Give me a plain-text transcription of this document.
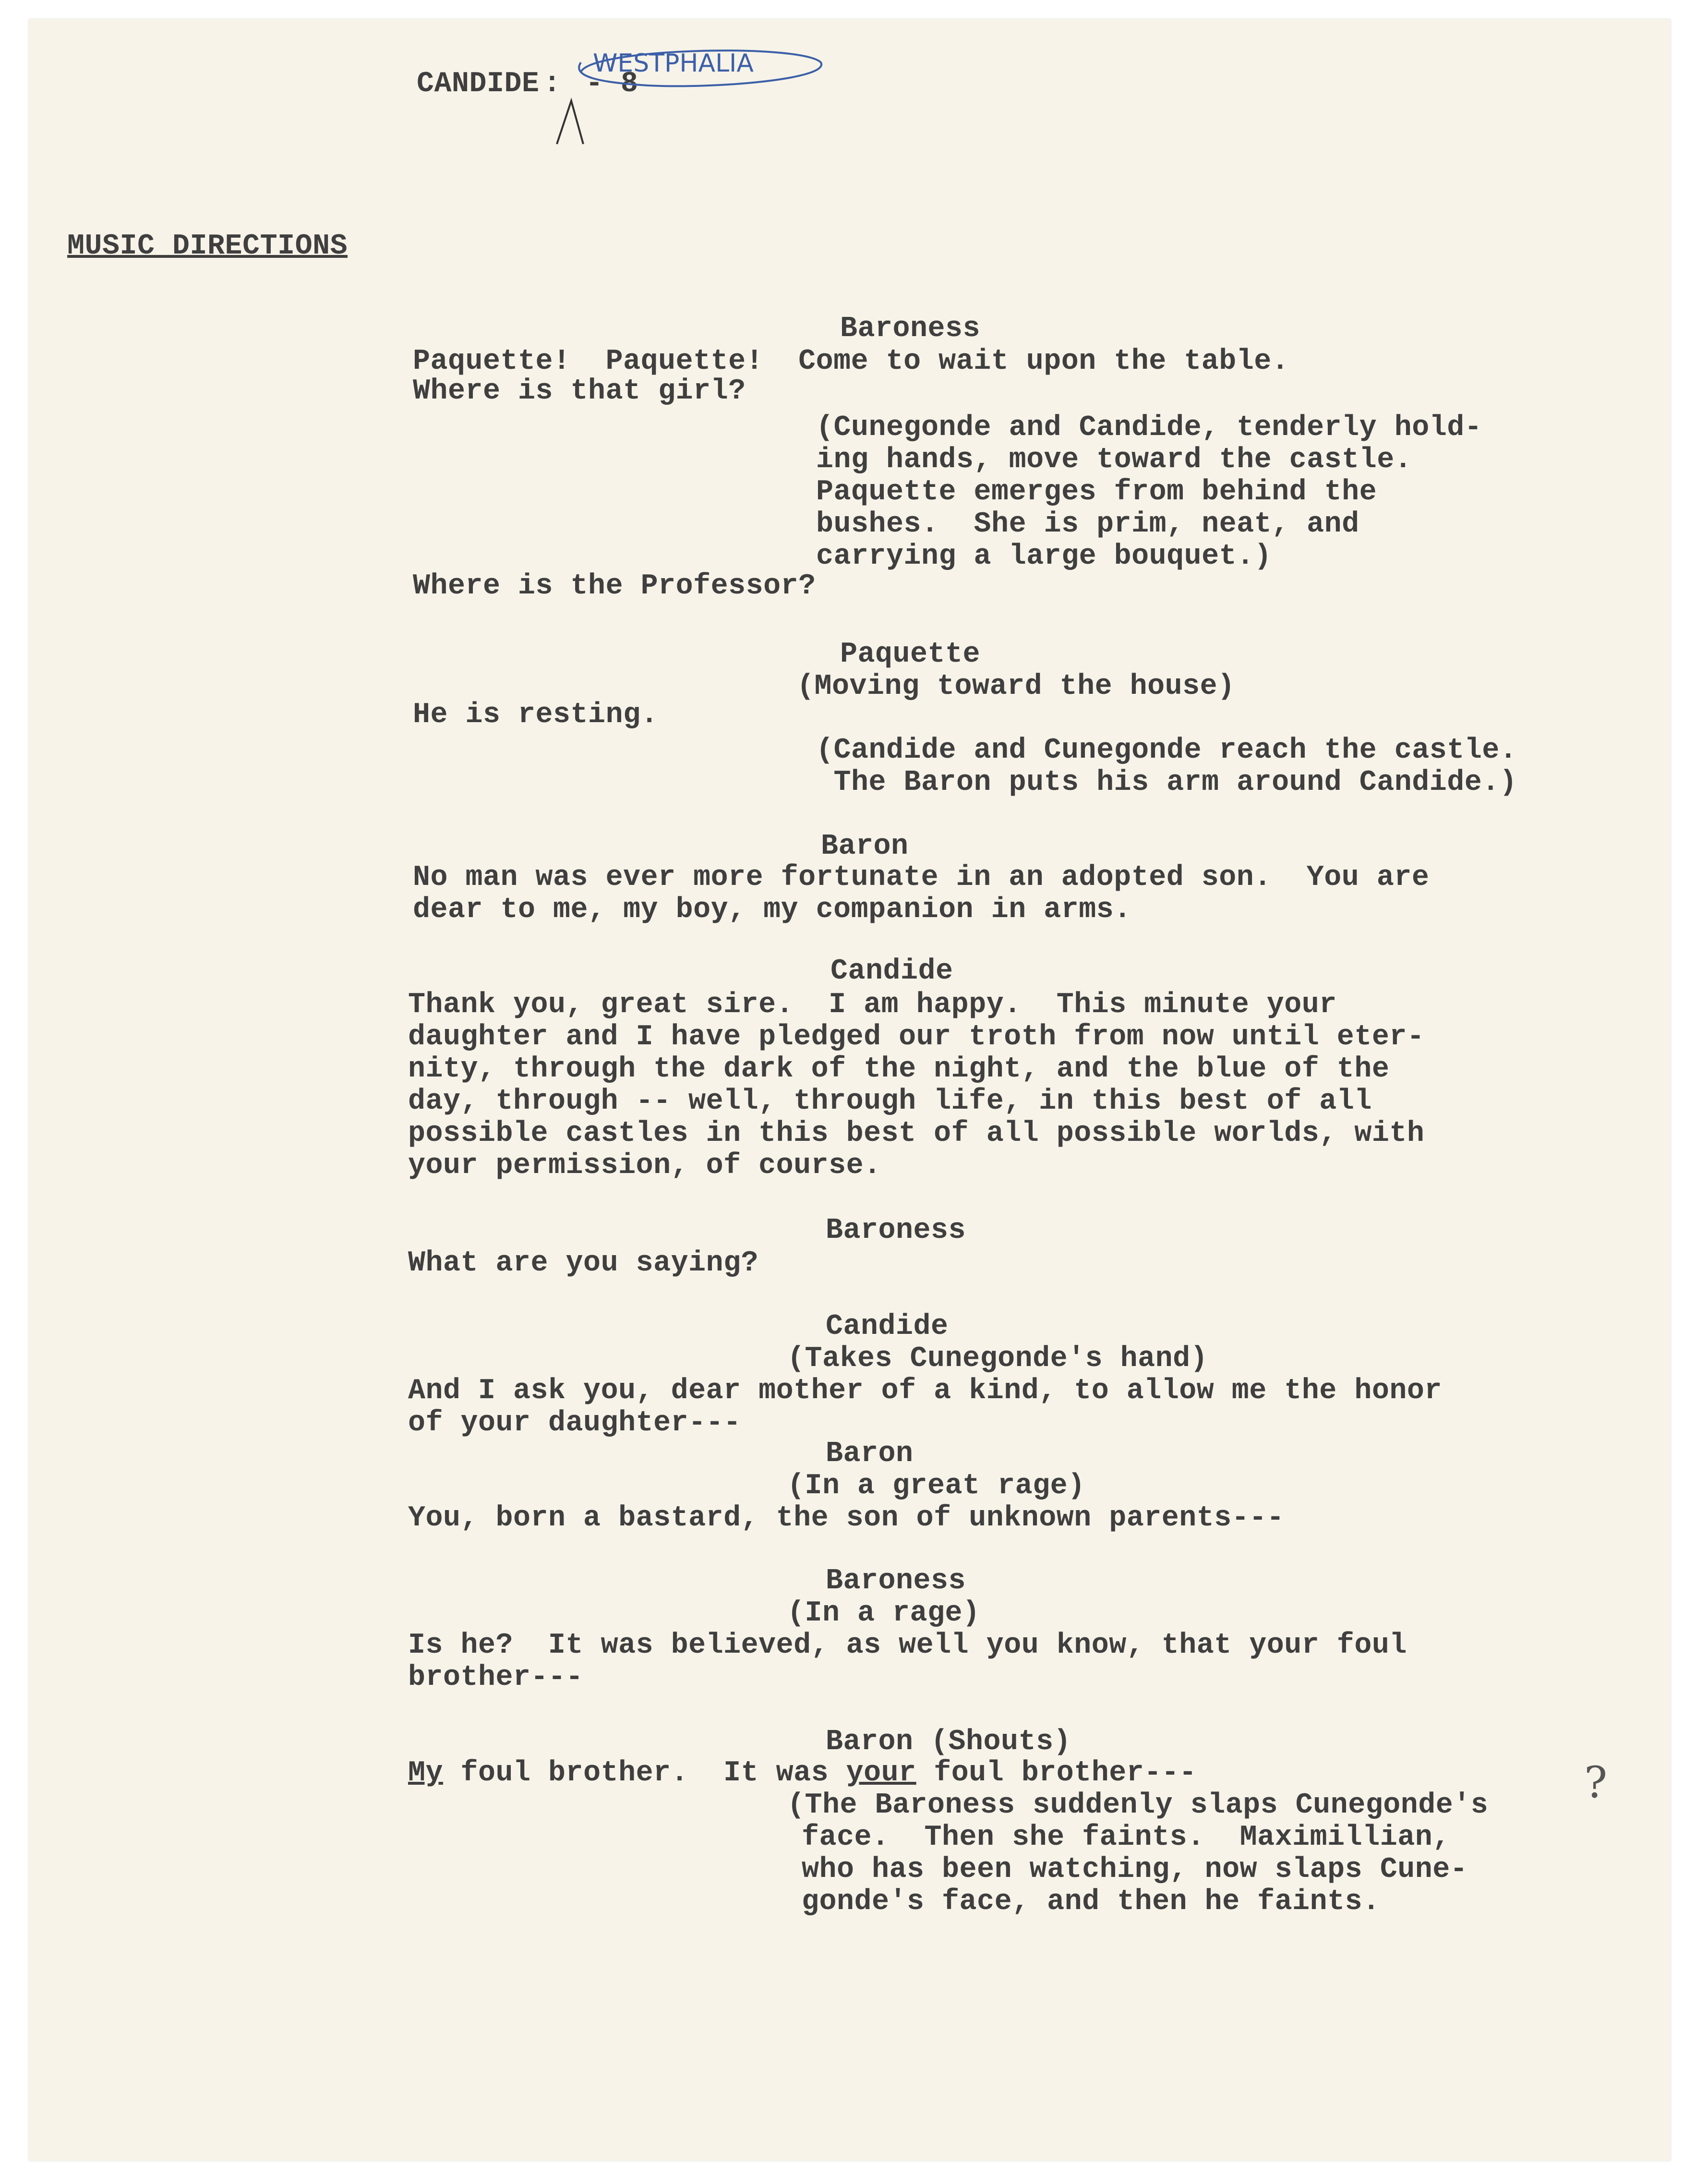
CANDIDE : - 8
WESTPHALIA
MUSIC DIRECTIONS
Baroness
Paquette!  Paquette!  Come to wait upon the table.
Where is that girl?
(Cunegonde and Candide, tenderly hold-
ing hands, move toward the castle.
Paquette emerges from behind the
bushes.  She is prim, neat, and
carrying a large bouquet.)
Where is the Professor?
Paquette
(Moving toward the house)
He is resting.
(Candide and Cunegonde reach the castle.
The Baron puts his arm around Candide.)
Baron
No man was ever more fortunate in an adopted son.  You are
dear to me, my boy, my companion in arms.
Candide
Thank you, great sire.  I am happy.  This minute your
daughter and I have pledged our troth from now until eter-
nity, through the dark of the night, and the blue of the
day, through -- well, through life, in this best of all
possible castles in this best of all possible worlds, with
your permission, of course.
Baroness
What are you saying?
Candide
(Takes Cunegonde's hand)
And I ask you, dear mother of a kind, to allow me the honor
of your daughter---
Baron
(In a great rage)
You, born a bastard, the son of unknown parents---
Baroness
(In a rage)
Is he?  It was believed, as well you know, that your foul
brother---
Baron (Shouts)
My foul brother.  It was your foul brother---
(The Baroness suddenly slaps Cunegonde's
face.  Then she faints.  Maximillian,
who has been watching, now slaps Cune-
gonde's face, and then he faints.
?
